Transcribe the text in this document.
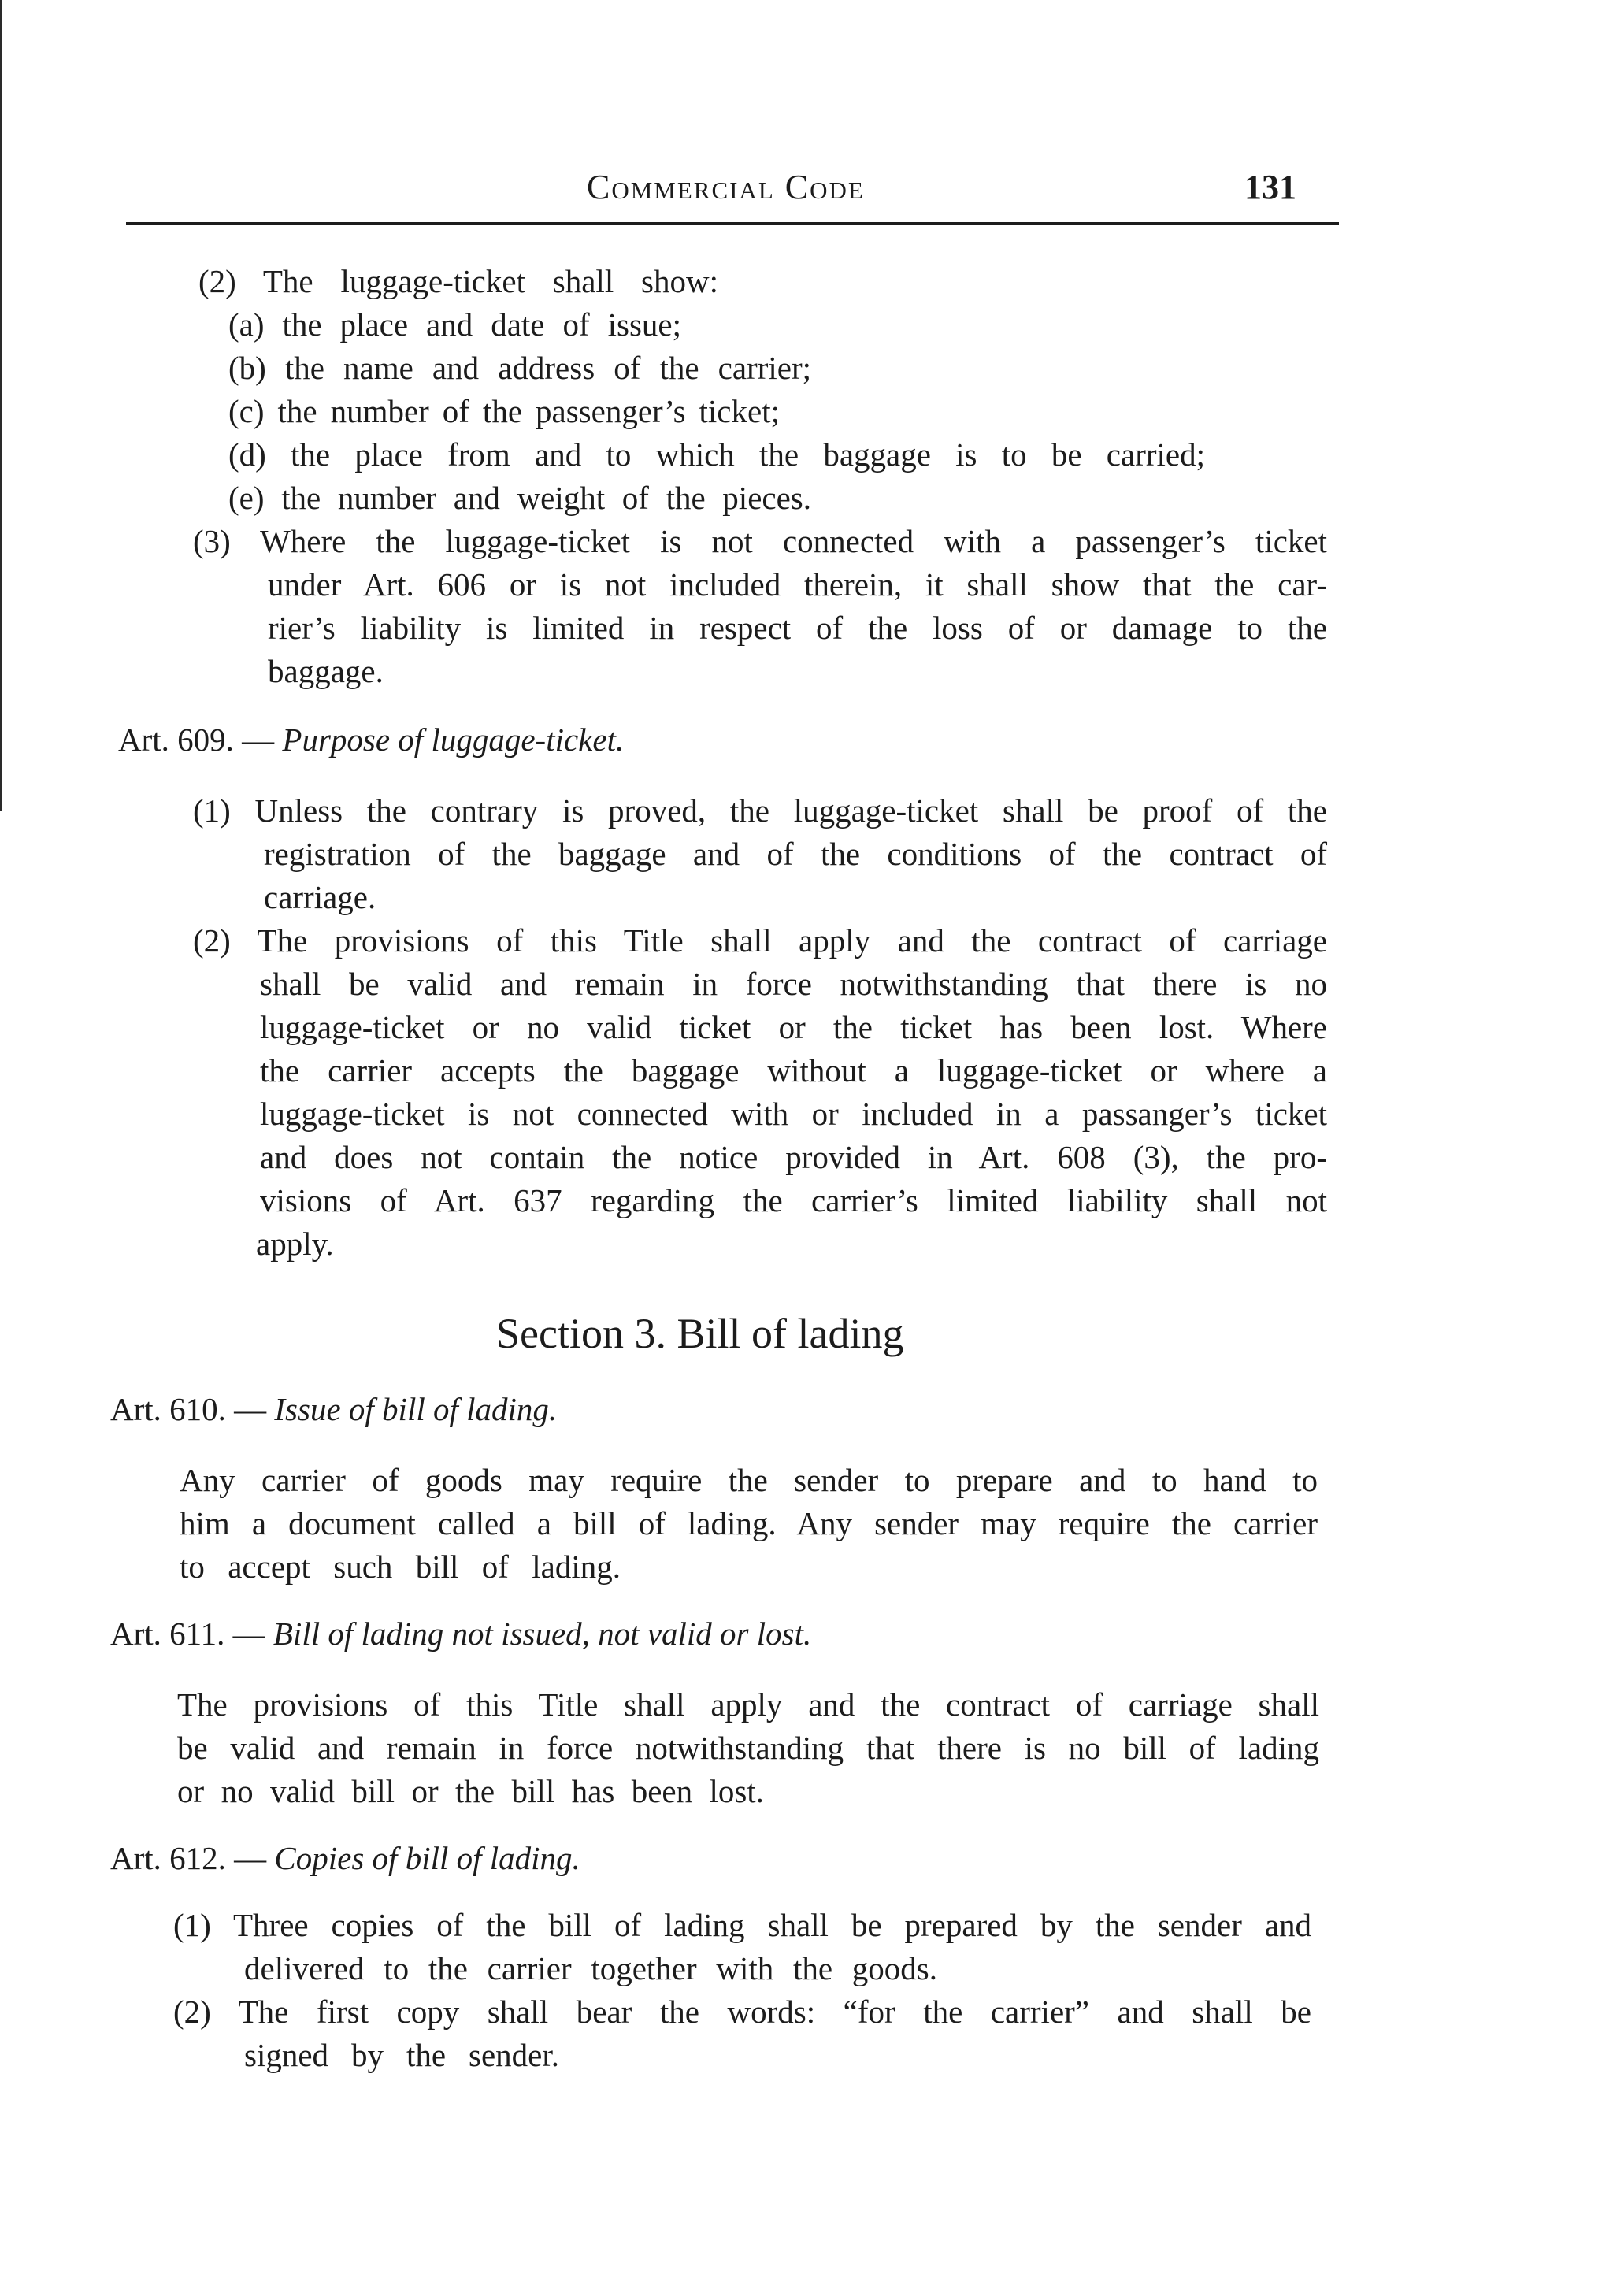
Commercial Code	131
(2) The luggage-ticket shall show:
(a) the place and date of issue;
(b) the name and address of the carrier;
(c) the number of the passenger’s ticket;
(d) the place from and to which the baggage is to be carried;
(e) the number and weight of the pieces.
(3) Where the luggage-ticket is not connected with a passenger’s ticket
under Art. 606 or is not included therein, it shall show that the car-
rier’s liability is limited in respect of the loss of or damage to the
baggage.
Art. 609. — Purpose of luggage-ticket.
(1) Unless the contrary is proved, the luggage-ticket shall be proof of the
registration of the baggage and of the conditions of the contract of
carriage.
(2) The provisions of this Title shall apply and the contract of carriage
shall be valid and remain in force notwithstanding that there is no
luggage-ticket or no valid ticket or the ticket has been lost. Where
the carrier accepts the baggage without a luggage-ticket or where a
luggage-ticket is not connected with or included in a passanger’s ticket
and does not contain the notice provided in Art. 608 (3), the pro-
visions of Art. 637 regarding the carrier’s limited liability shall not
apply.
Section 3. Bill of lading
Art. 610. — Issue of bill of lading.
Any carrier of goods may require the sender to prepare and to hand to
him a document called a bill of lading. Any sender may require the carrier
to accept such bill of lading.
Art. 611. — Bill of lading not issued, not valid or lost.
The provisions of this Title shall apply and the contract of carriage shall
be valid and remain in force notwithstanding that there is no bill of lading
or no valid bill or the bill has been lost.
Art. 612. — Copies of bill of lading.
(1) Three copies of the bill of lading shall be prepared by the sender and
delivered to the carrier together with the goods.
(2) The first copy shall bear the words: “for the carrier” and shall be
signed by the sender.
